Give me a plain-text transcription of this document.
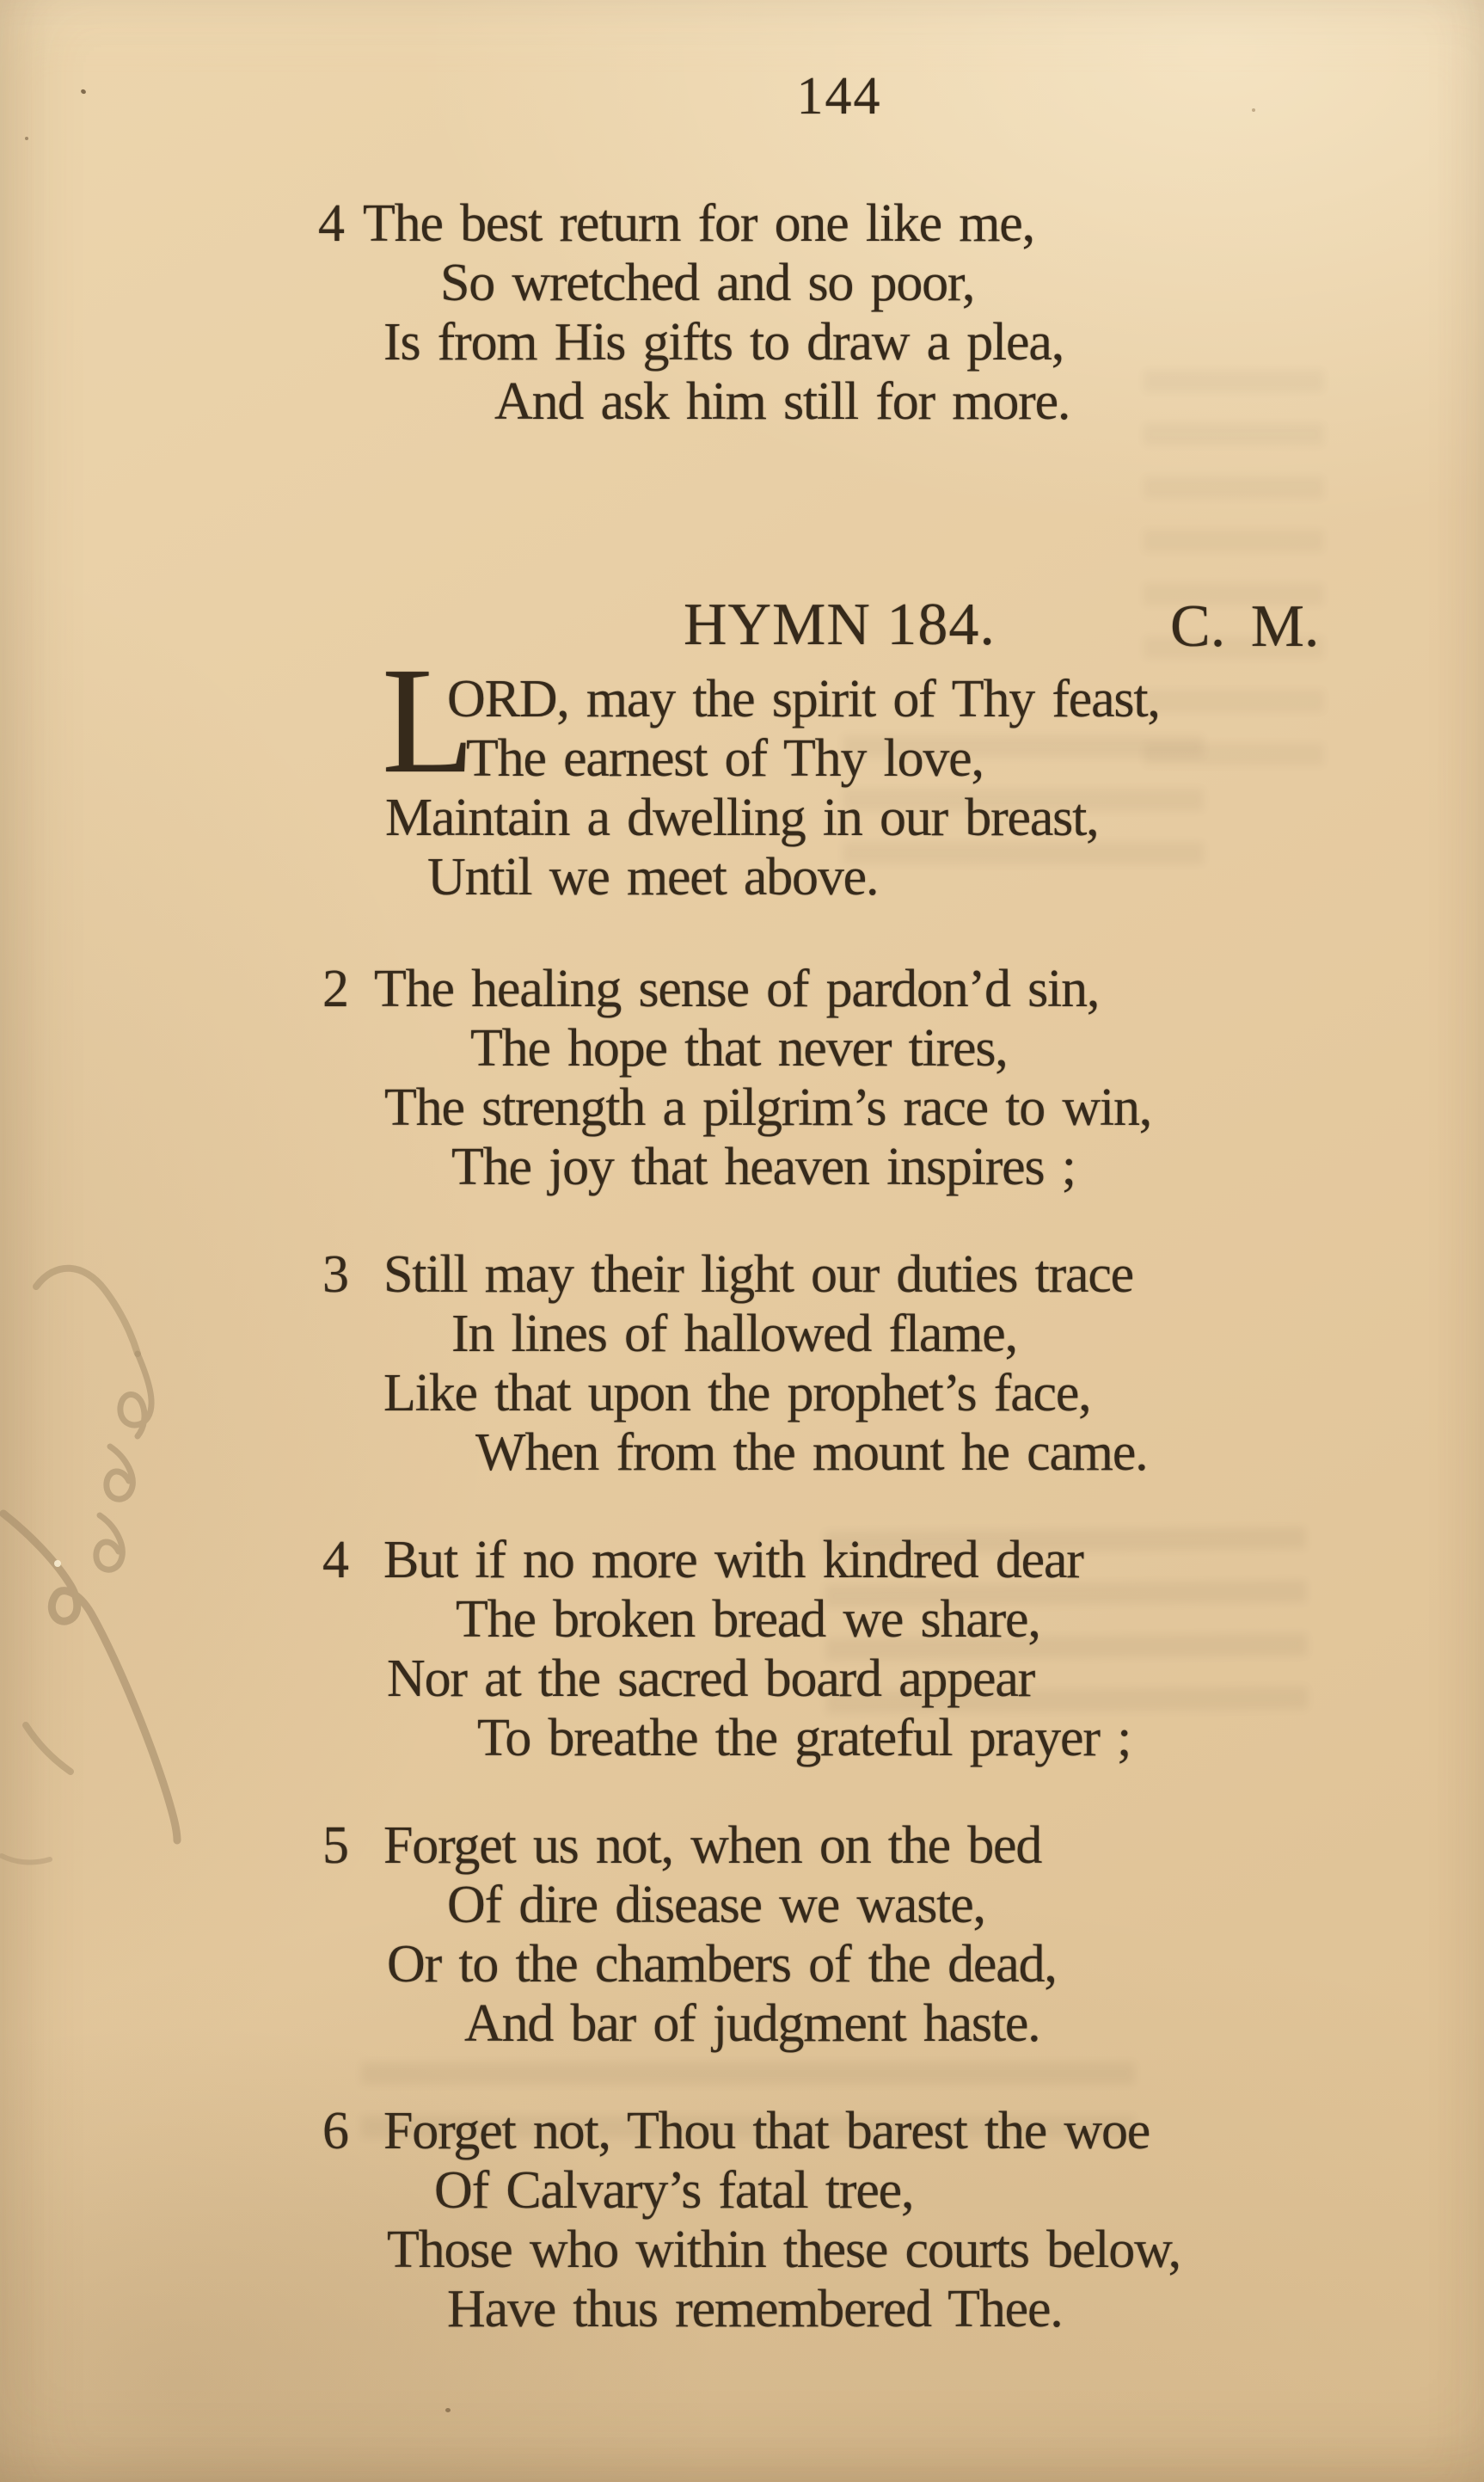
144
4 The best return for one like me,
So wretched and so poor,
Is from His gifts to draw a plea,
And ask him still for more.
HYMN 184.	C. M.
L
ORD, may the spirit of Thy feast,
The earnest of Thy love,
Maintain a dwelling in our breast,
Until we meet above.
2 The healing sense of pardon’d sin,
The hope that never tires,
The strength a pilgrim’s race to win,
The joy that heaven inspires ;
3 Still may their light our duties trace
In lines of hallowed flame,
Like that upon the prophet’s face,
When from the mount he came.
4 But if no more with kindred dear
The broken bread we share,
Nor at the sacred board appear
To breathe the grateful prayer ;
5 Forget us not, when on the bed
Of dire disease we waste,
Or to the chambers of the dead,
And bar of judgment haste.
6 Forget not, Thou that barest the woe
Of Calvary’s fatal tree,
Those who within these courts below,
Have thus remembered Thee.
